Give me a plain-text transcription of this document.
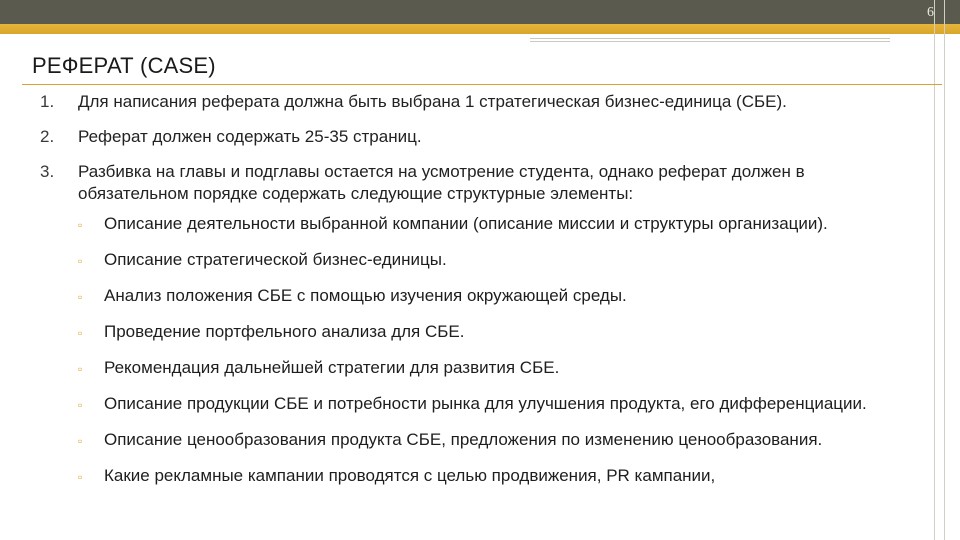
6
РЕФЕРАТ (CASE)
1.	Для написания реферата должна быть выбрана 1 стратегическая бизнес-единица (СБЕ).
2.	Реферат должен содержать 25-35 страниц.
3.	Разбивка на главы и подглавы остается на усмотрение студента, однако реферат должен в обязательном порядке содержать следующие структурные элементы:
▫	Описание деятельности выбранной компании (описание миссии и структуры организации).
▫	Описание стратегической бизнес-единицы.
▫	Анализ положения СБЕ с помощью изучения окружающей среды.
▫	Проведение портфельного анализа для СБЕ.
▫	Рекомендация дальнейшей стратегии для развития СБЕ.
▫	Описание продукции СБЕ и потребности рынка для улучшения продукта, его дифференциации.
▫	Описание ценообразования продукта СБЕ, предложения по изменению ценообразования.
▫	Какие рекламные кампании проводятся с целью продвижения, PR кампании,
